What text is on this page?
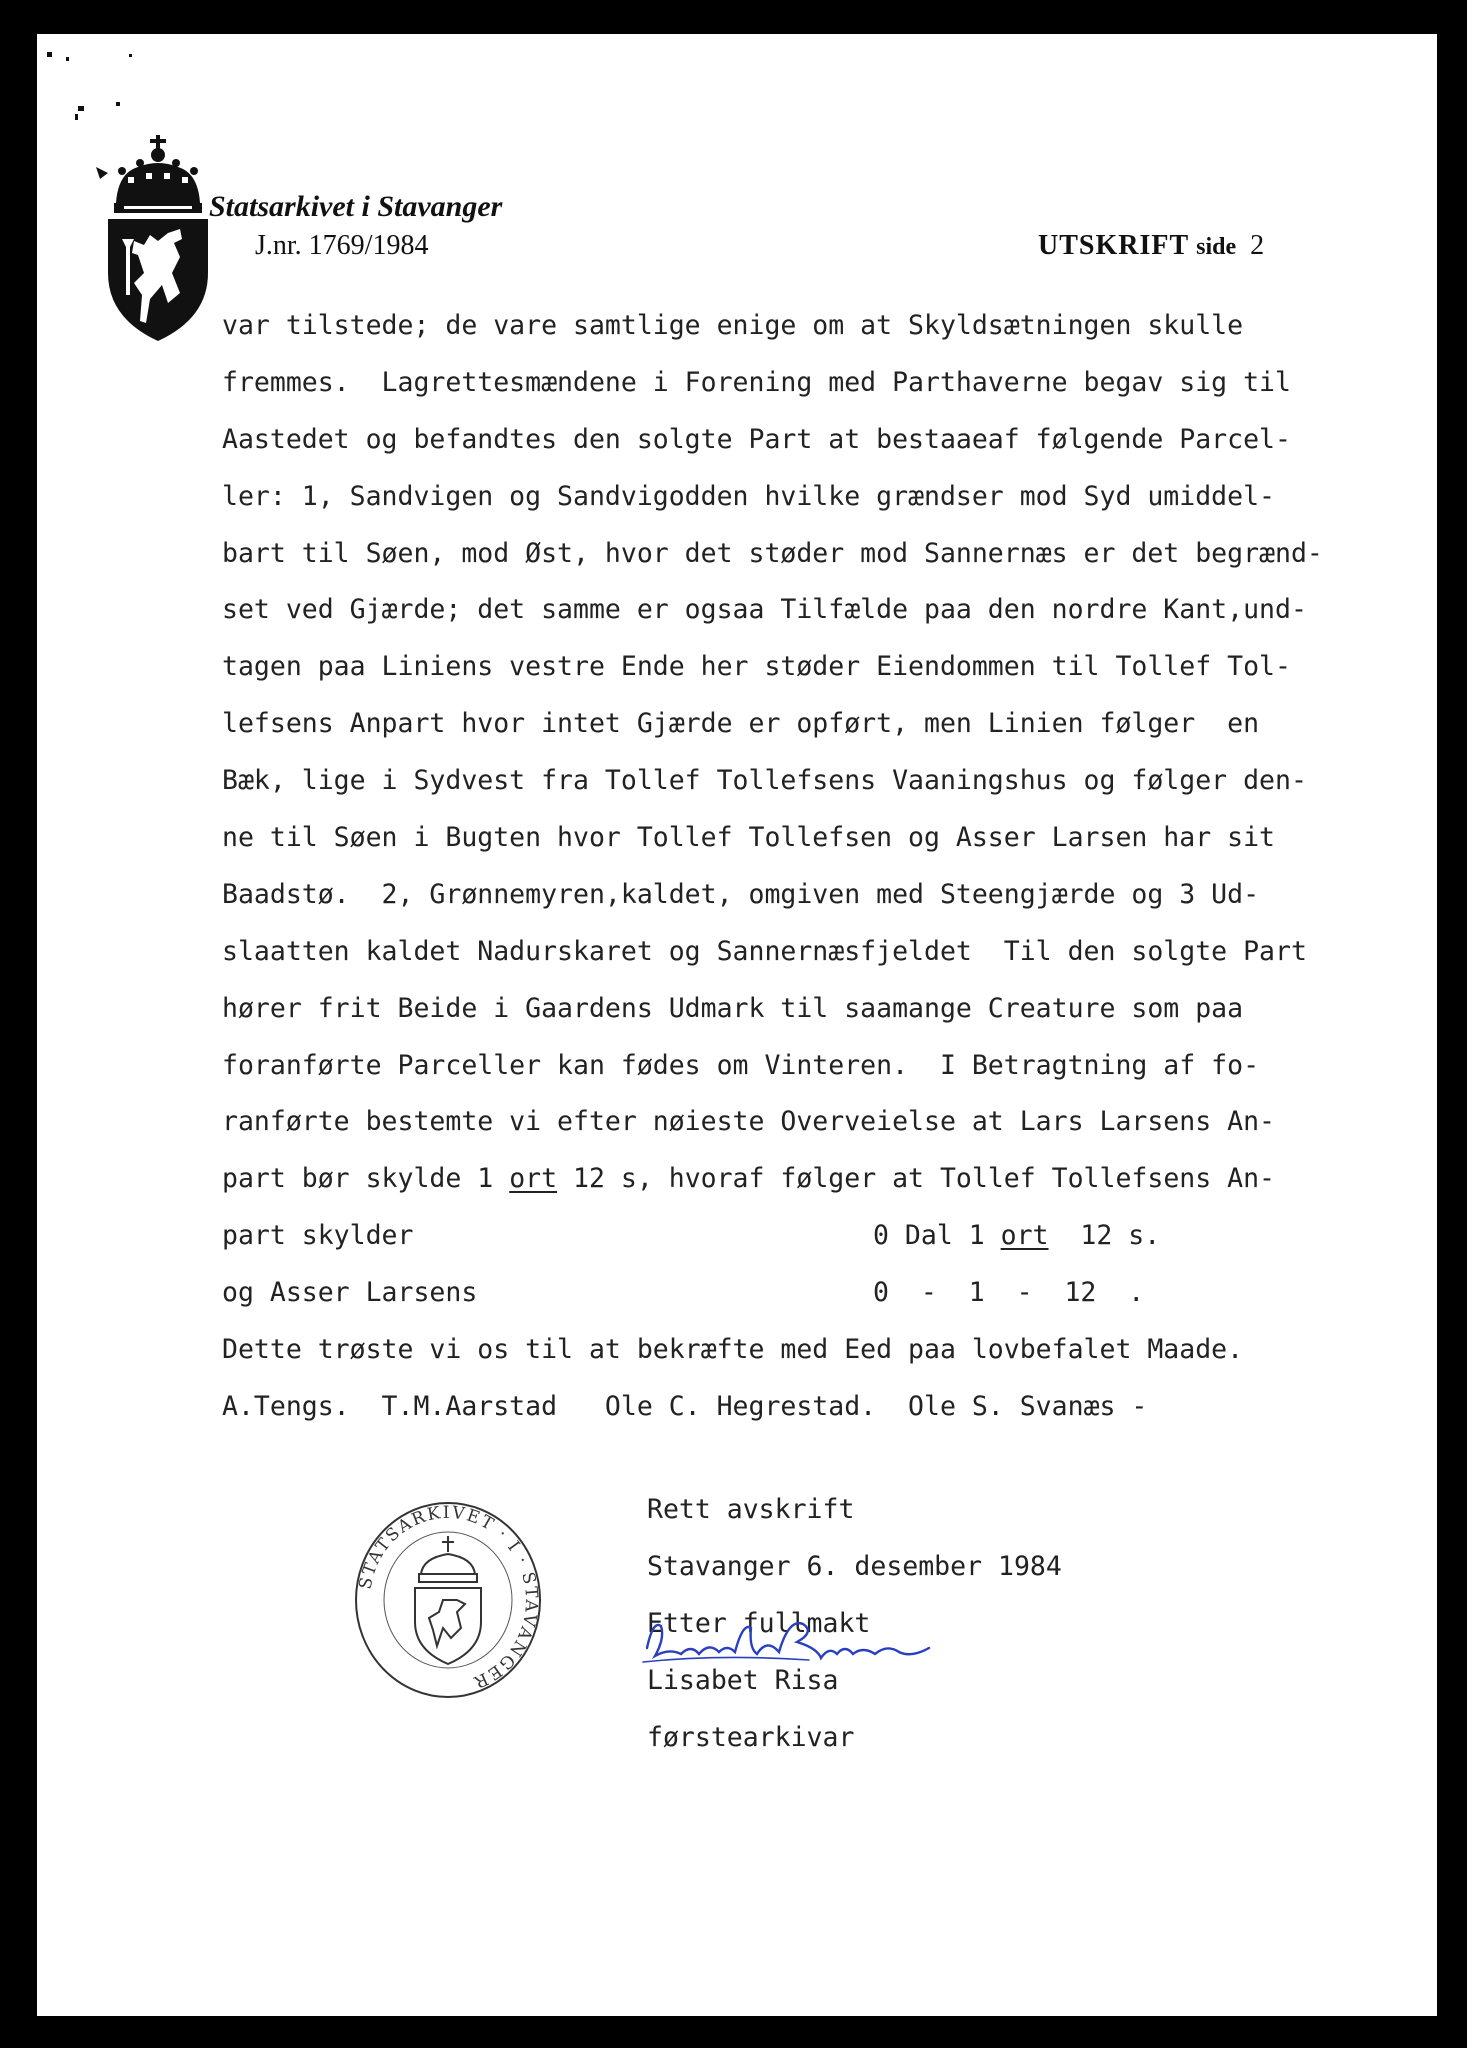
Statsarkivet i Stavanger
J.nr. 1769/1984	UTSKRIFT side 2
var tilstede; de vare samtlige enige om at Skyldsætningen skulle
fremmes.  Lagrettesmændene i Forening med Parthaverne begav sig til
Aastedet og befandtes den solgte Part at bestaaeaf følgende Parcel-
ler: 1, Sandvigen og Sandvigodden hvilke grændser mod Syd umiddel-
bart til Søen, mod Øst, hvor det støder mod Sannernæs er det begrænd-
set ved Gjærde; det samme er ogsaa Tilfælde paa den nordre Kant,und-
tagen paa Liniens vestre Ende her støder Eiendommen til Tollef Tol-
lefsens Anpart hvor intet Gjærde er opført, men Linien følger  en
Bæk, lige i Sydvest fra Tollef Tollefsens Vaaningshus og følger den-
ne til Søen i Bugten hvor Tollef Tollefsen og Asser Larsen har sit
Baadstø.  2, Grønnemyren,kaldet, omgiven med Steengjærde og 3 Ud-
slaatten kaldet Nadurskaret og Sannernæsfjeldet  Til den solgte Part
hører frit Beide i Gaardens Udmark til saamange Creature som paa
foranførte Parceller kan fødes om Vinteren.  I Betragtning af fo-
ranførte bestemte vi efter nøieste Overveielse at Lars Larsens An-
part bør skylde 1 ort 12 s, hvoraf følger at Tollef Tollefsens An-
part skylder	0 Dal 1 ort  12 s.
og Asser Larsens	0  -  1  -  12  .
Dette trøste vi os til at bekræfte med Eed paa lovbefalet Maade.
A.Tengs.  T.M.Aarstad   Ole C. Hegrestad.  Ole S. Svanæs -
STATSARKIVET · I · STAVANGER
Rett avskrift
Stavanger 6. desember 1984
Etter fullmakt
Lisabet Risa
førstearkivar
